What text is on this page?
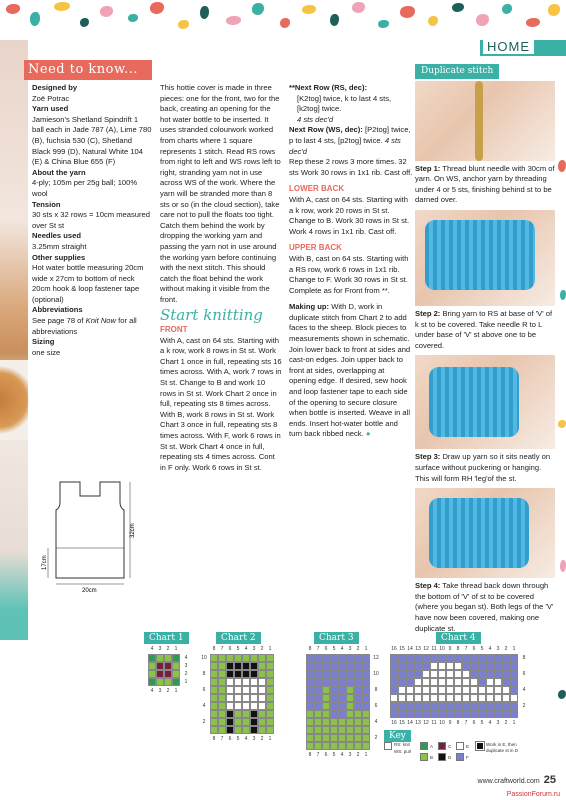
HOME
Need to know...

Designed by

Zoë Potrac

Yarn used

Jamieson's Shetland Spindrift 1 ball each in Jade 787 (A), Lime 780 (B), fuchsia 530 (C), Shetland Black 999 (D), Natural White 104 (E) & China Blue 655 (F)

About the yarn

4-ply; 105m per 25g ball; 100% wool

Tension

30 sts x 32 rows = 10cm measured over St st

Needles used

3.25mm straight

Other supplies

Hot water bottle measuring 20cm wide x 27cm to bottom of neck

20cm hook & loop fastener tape (optional)

Abbreviations

See page 78 of Knit Now for all abbreviations

Sizing

one size

32cm
17cm
20cm

This hottie cover is made in three pieces: one for the front, two for the back, creating an opening for the hot water bottle to be inserted. It uses stranded colourwork worked from charts where 1 square represents 1 stitch. Read RS rows from right to left and WS rows left to right, stranding yarn not in use across WS of the work. Where the yarn will be stranded more than 8 sts or so (in the cloud section), take care not to pull the floats too tight. Catch them behind the work by dropping the working yarn and passing the yarn not in use around the working yarn before continuing with the next stitch. This should catch the float behind the work without making it visible from the front.

Start knitting

FRONT

With A, cast on 64 sts. Starting with a k row, work 8 rows in St st. Work Chart 1 once in full, repeating sts 16 times across. With A, work 7 rows in St st. Change to B and work 10 rows in St st. Work Chart 2 once in full, repeating sts 8 times across. With B, work 8 rows in St st. Work Chart 3 once in full, repeating sts 8 times across. With F, work 6 rows in St st. Work Chart 4 once in full, repeating sts 4 times across. Cont in F only. Work 6 rows in St st.

**Next Row (RS, dec):

[K2tog] twice, k to last 4 sts, [k2tog] twice.

4 sts dec'd

Next Row (WS, dec): [P2tog] twice, p to last 4 sts, [p2tog] twice. 4 sts dec'd

Rep these 2 rows 3 more times. 32 sts Work 30 rows in 1x1 rib. Cast off.

LOWER BACK

With A, cast on 64 sts. Starting with a k row, work 20 rows in St st. Change to B. Work 30 rows in St st. Work 4 rows in 1x1 rib. Cast off.

UPPER BACK

With B, cast on 64 sts. Starting with a RS row, work 6 rows in 1x1 rib. Change to F. Work 30 rows in St st. Complete as for Front from **.

Making up: With D, work in duplicate stitch from Chart 2 to add faces to the sheep. Block pieces to measurements shown in schematic. Join lower back to front at sides and cast-on edges. Join upper back to front at sides, overlapping at opening edge. If desired, sew hook and loop fastener tape to each side of the opening to secure closure when bottle is inserted. Weave in all ends. Insert hot-water bottle and turn back ribbed neck. ●

Duplicate stitch

Step 1: Thread blunt needle with 30cm of yarn. On WS, anchor yarn by threading under 4 or 5 sts, finishing behind st to be darned over.

Step 2: Bring yarn to RS at base of 'V' of k st to be covered. Take needle R to L under base of 'V' st above one to be covered.

Step 3: Draw up yarn so it sits neatly on surface without puckering or hanging. This will form RH 'leg'of the st.

Step 4: Take thread back down through the bottom of 'V' of st to be covered (where you began st). Both legs of the 'V' have now been covered, making one duplicate st.

Chart 1	Chart 2	Chart 3	Chart 4
4
4
3
3
2
2
1
1
4
3
2
1
8
8
7
7
6
6
5
5
4
4
3
3
2
2
1
1
10
8
6
4
2
8
8
7
7
6
6
5
5
4
4
3
3
2
2
1
1
12
10
8
6
4
2
16
16
15
15
14
14
13
13
12
12
11
11
10
10
9
9
8
8
7
7
6
6
5
5
4
4
3
3
2
2
1
1
8
6
4
2
Key
RS: knit
WS: purl
A
B
C
D
E
F
Work in E, then duplicate st in D
www.craftworld.com 25
PassionForum.ru
